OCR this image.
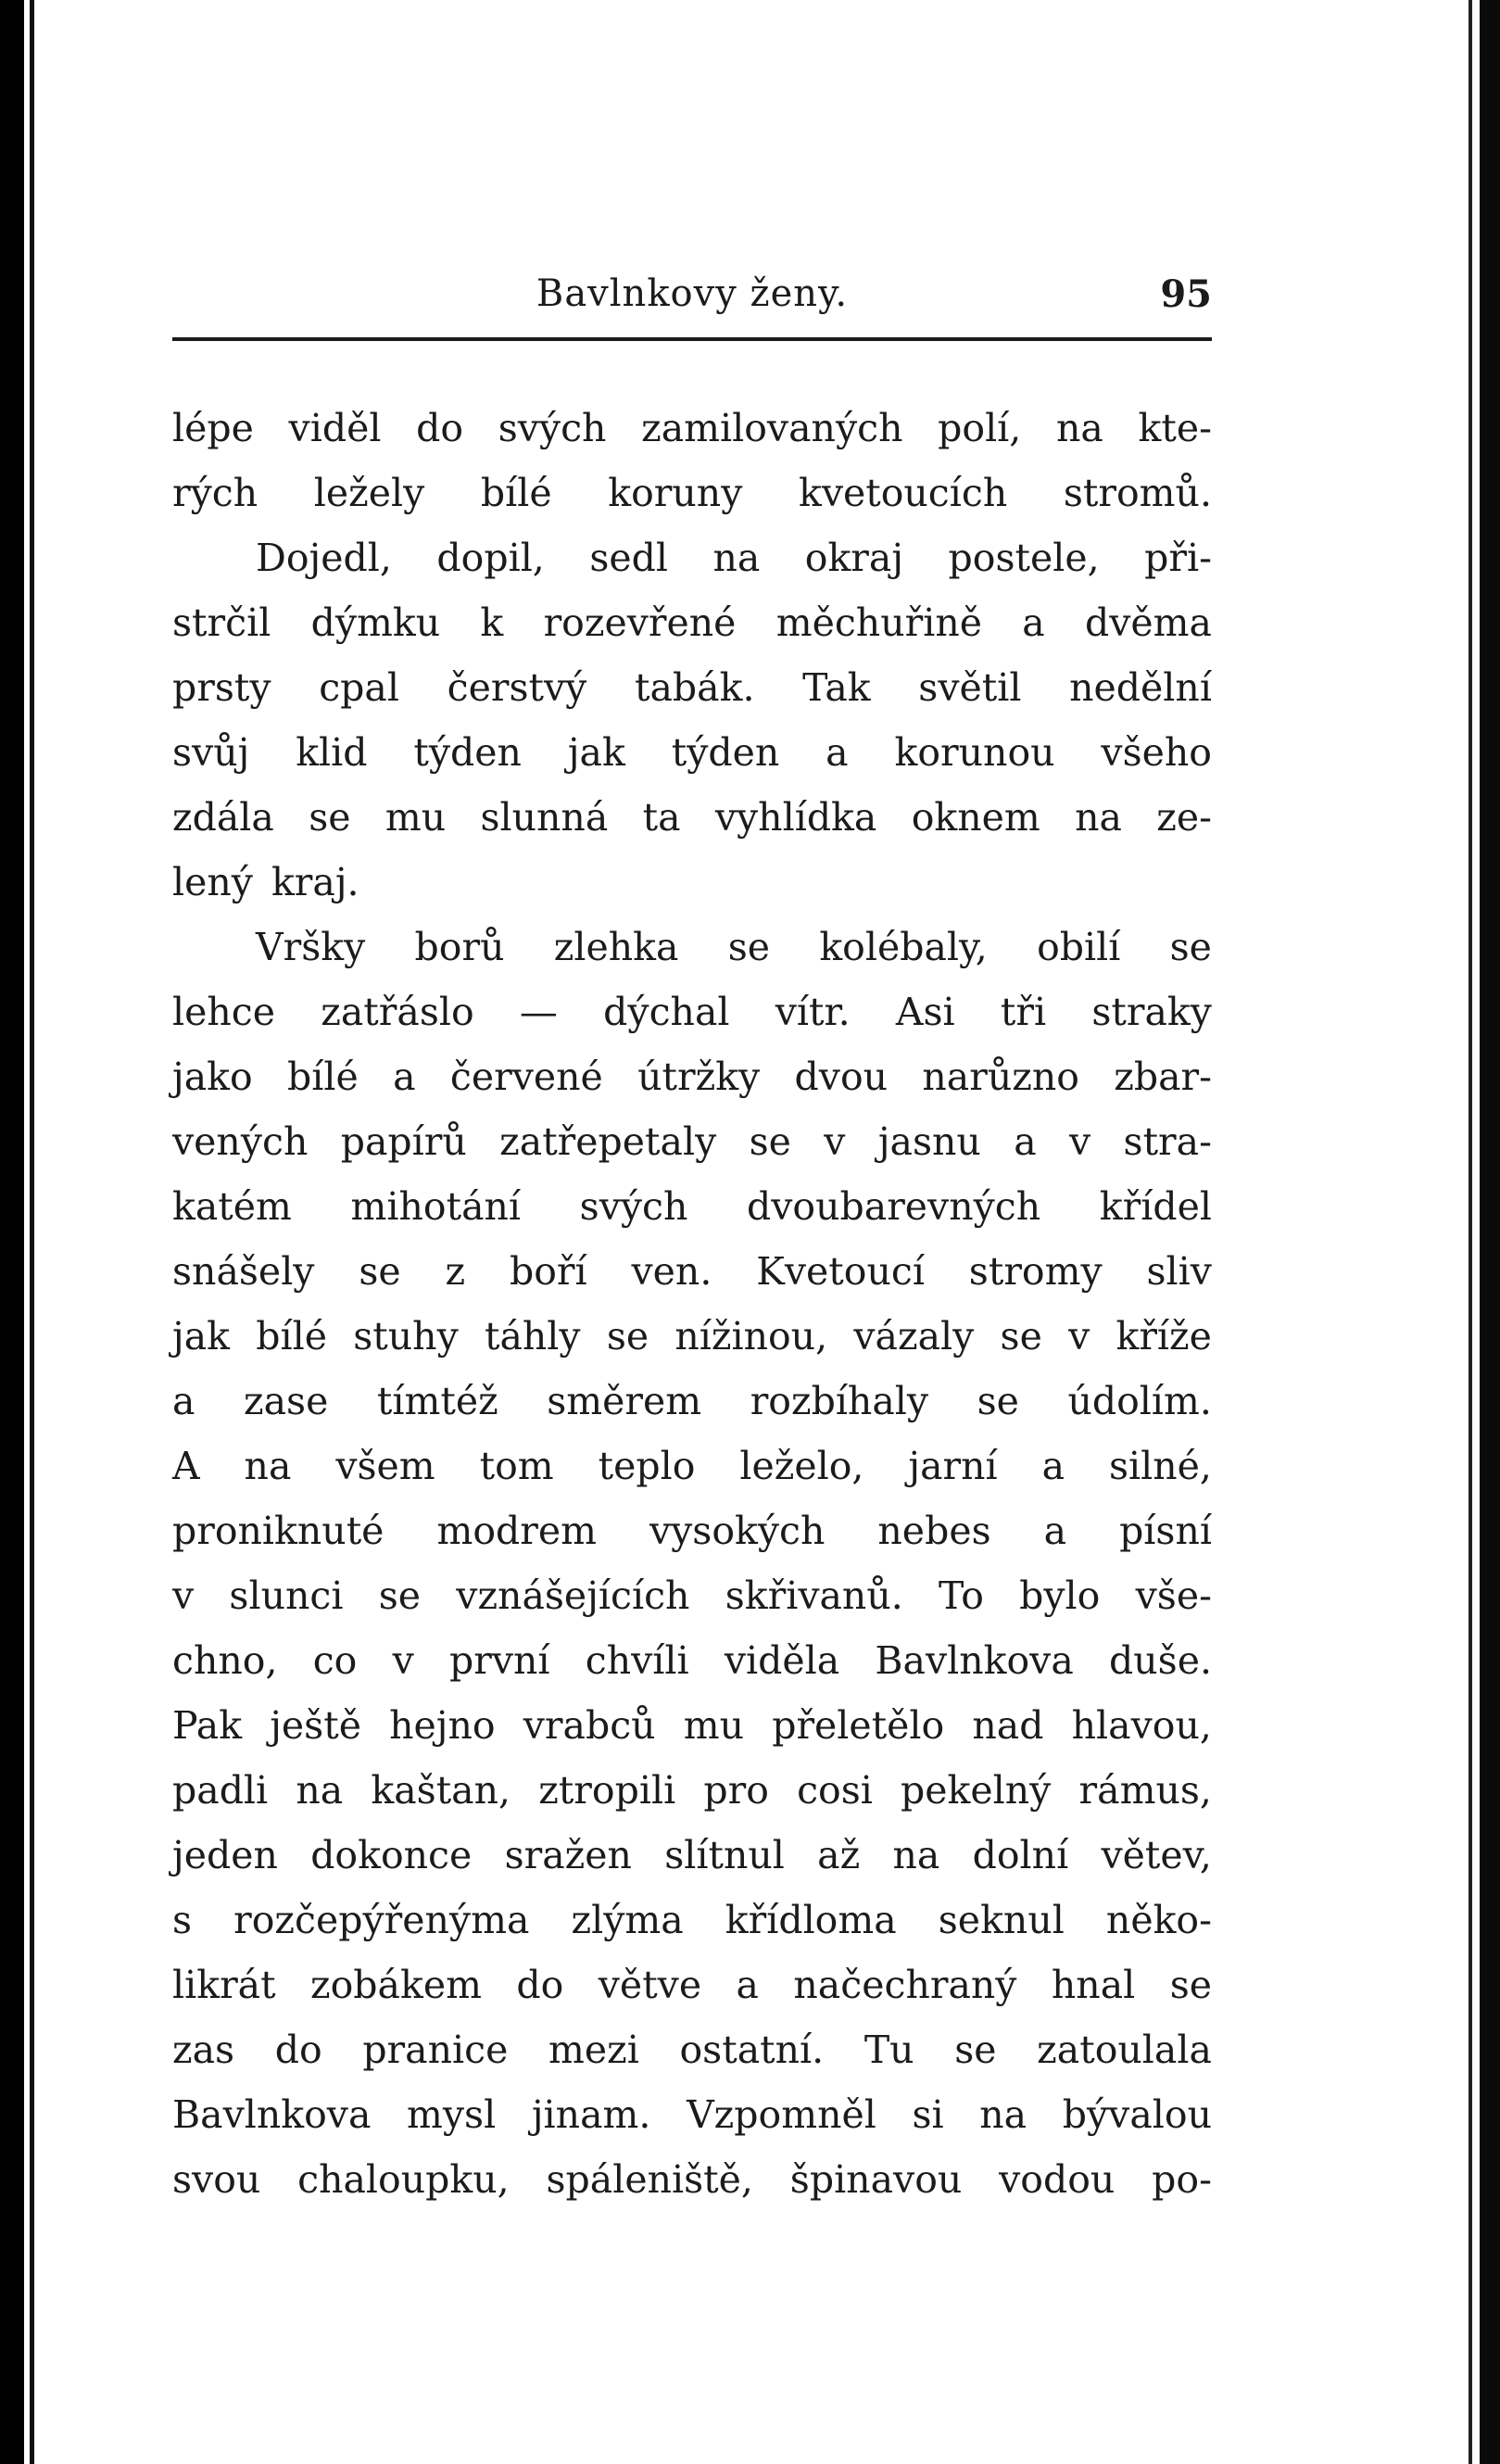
Bavlnkovy ženy.	95
lépe viděl do svých zamilovaných polí, na kte-
rých ležely bílé koruny kvetoucích stromů.
Dojedl, dopil, sedl na okraj postele, při-
strčil dýmku k rozevřené měchuřině a dvěma
prsty cpal čerstvý tabák. Tak světil nedělní
svůj klid týden jak týden a korunou všeho
zdála se mu slunná ta vyhlídka oknem na ze-
lený kraj.
Vršky borů zlehka se kolébaly, obilí se
lehce zatřáslo — dýchal vítr. Asi tři straky
jako bílé a červené útržky dvou narůzno zbar-
vených papírů zatřepetaly se v jasnu a v stra-
katém mihotání svých dvoubarevných křídel
snášely se z boří ven. Kvetoucí stromy sliv
jak bílé stuhy táhly se nížinou, vázaly se v kříže
a zase tímtéž směrem rozbíhaly se údolím.
A na všem tom teplo leželo, jarní a silné,
proniknuté modrem vysokých nebes a písní
v slunci se vznášejících skřivanů. To bylo vše-
chno, co v první chvíli viděla Bavlnkova duše.
Pak ještě hejno vrabců mu přeletělo nad hlavou,
padli na kaštan, ztropili pro cosi pekelný rámus,
jeden dokonce sražen slítnul až na dolní větev,
s rozčepýřenýma zlýma křídloma seknul něko-
likrát zobákem do větve a načechraný hnal se
zas do pranice mezi ostatní. Tu se zatoulala
Bavlnkova mysl jinam. Vzpomněl si na bývalou
svou chaloupku, spáleniště, špinavou vodou po-
